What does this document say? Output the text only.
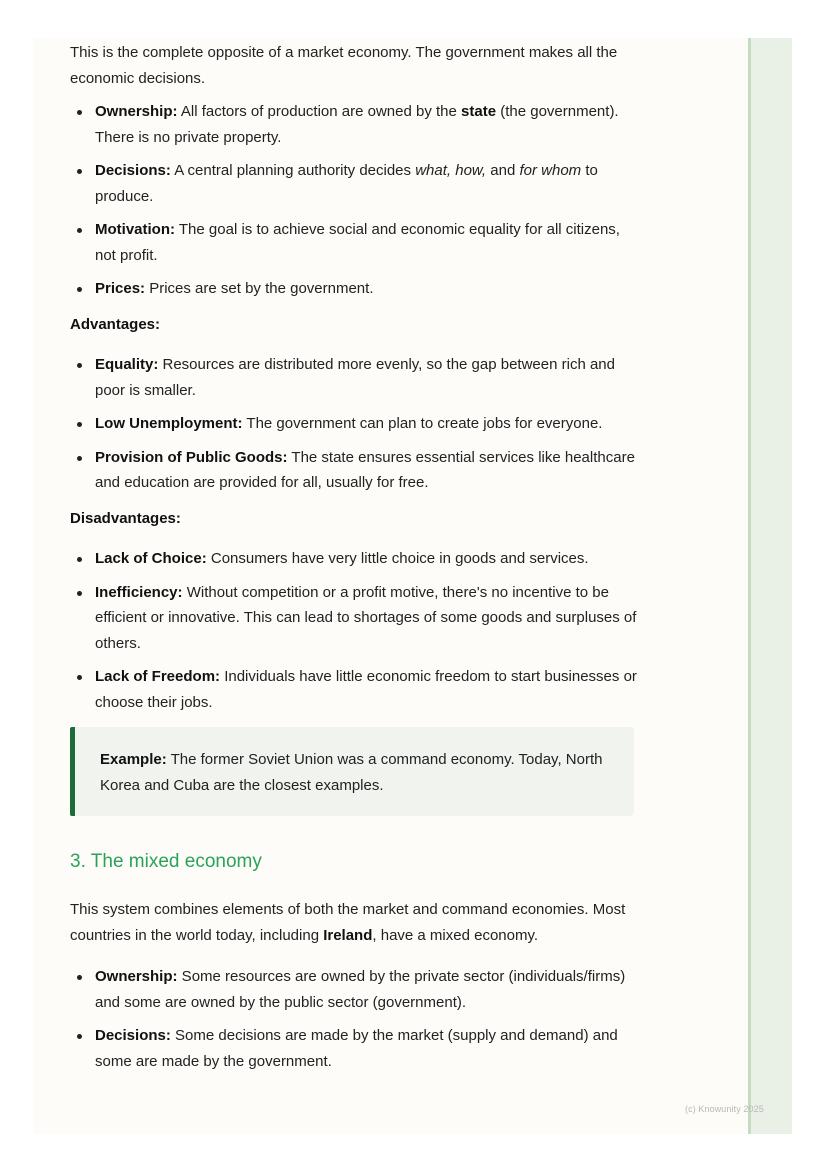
This is the complete opposite of a market economy. The government makes all the economic decisions.

Ownership: All factors of production are owned by the state (the government). There is no private property.
Decisions: A central planning authority decides what, how, and for whom to produce.
Motivation: The goal is to achieve social and economic equality for all citizens, not profit.
Prices: Prices are set by the government.

Advantages:

Equality: Resources are distributed more evenly, so the gap between rich and poor is smaller.
Low Unemployment: The government can plan to create jobs for everyone.
Provision of Public Goods: The state ensures essential services like healthcare and education are provided for all, usually for free.

Disadvantages:

Lack of Choice: Consumers have very little choice in goods and services.
Inefficiency: Without competition or a profit motive, there's no incentive to be efficient or innovative. This can lead to shortages of some goods and surpluses of others.
Lack of Freedom: Individuals have little economic freedom to start businesses or choose their jobs.
Example: The former Soviet Union was a command economy. Today, North Korea and Cuba are the closest examples.
3. The mixed economy

This system combines elements of both the market and command economies. Most countries in the world today, including Ireland, have a mixed economy.

Ownership: Some resources are owned by the private sector (individuals/firms) and some are owned by the public sector (government).
Decisions: Some decisions are made by the market (supply and demand) and some are made by the government.
(c) Knowunity 2025
